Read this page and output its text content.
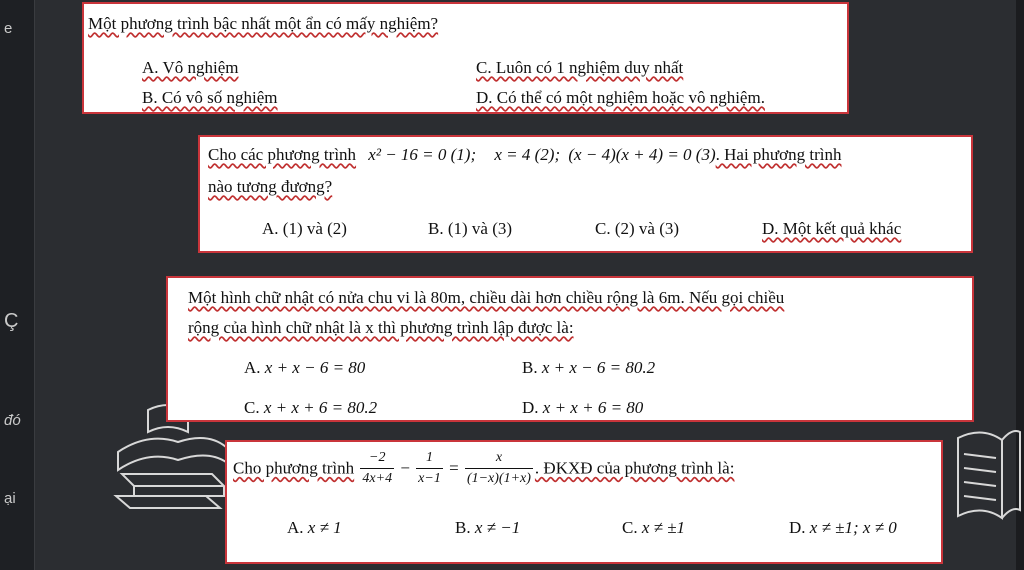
e
Ç
đó
ại
Một phương trình bậc nhất một ẩn có mấy nghiệm?
A. Vô nghiệm	C. Luôn có 1 nghiệm duy nhất
B. Có vô số nghiệm	D. Có thể có một nghiệm hoặc vô nghiệm.
Cho các phương trình x² − 16 = 0 (1); x = 4 (2); (x − 4)(x + 4) = 0 (3). Hai phương trình
nào tương đương?
A. (1) và (2)	B. (1) và (3)	C. (2) và (3)	D. Một kết quả khác
Một hình chữ nhật có nửa chu vi là 80m, chiều dài hơn chiều rộng là 6m. Nếu gọi chiều
rộng của hình chữ nhật là x thì phương trình lập được là:
A. x + x − 6 = 80	B. x + x − 6 = 80.2
C. x + x + 6 = 80.2	D. x + x + 6 = 80
Cho phương trình $\frac{-2}{4x+4} - \frac{1}{x-1} = \frac{x}{(1-x)(1+x)}$ . ĐKXĐ của phương trình là:
A. x ≠ 1	B. x ≠ −1	C. x ≠ ±1	D. x ≠ ±1; x ≠ 0
